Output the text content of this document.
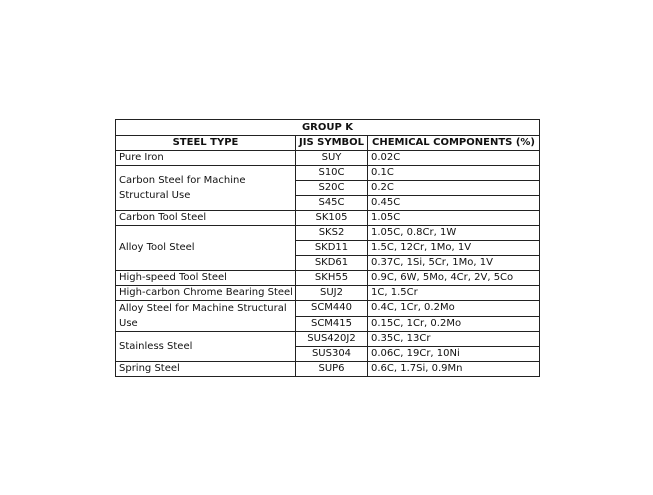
GROUP K		
STEEL TYPE	JIS SYMBOL	CHEMICAL COMPONENTS (%)
Pure Iron	SUY	0.02C
Carbon Steel for Machine Structural Use	S10C	0.1C
	S20C	0.2C
	S45C	0.45C
Carbon Tool Steel	SK105	1.05C
Alloy Tool Steel	SKS2	1.05C, 0.8Cr, 1W
	SKD11	1.5C, 12Cr, 1Mo, 1V
	SKD61	0.37C, 1Si, 5Cr, 1Mo, 1V
High-speed Tool Steel	SKH55	0.9C, 6W, 5Mo, 4Cr, 2V, 5Co
High-carbon Chrome Bearing Steel	SUJ2	1C, 1.5Cr
Alloy Steel for Machine Structural Use	SCM440	0.4C, 1Cr, 0.2Mo
	SCM415	0.15C, 1Cr, 0.2Mo
Stainless Steel	SUS420J2	0.35C, 13Cr
	SUS304	0.06C, 19Cr, 10Ni
Spring Steel	SUP6	0.6C, 1.7Si, 0.9Mn
